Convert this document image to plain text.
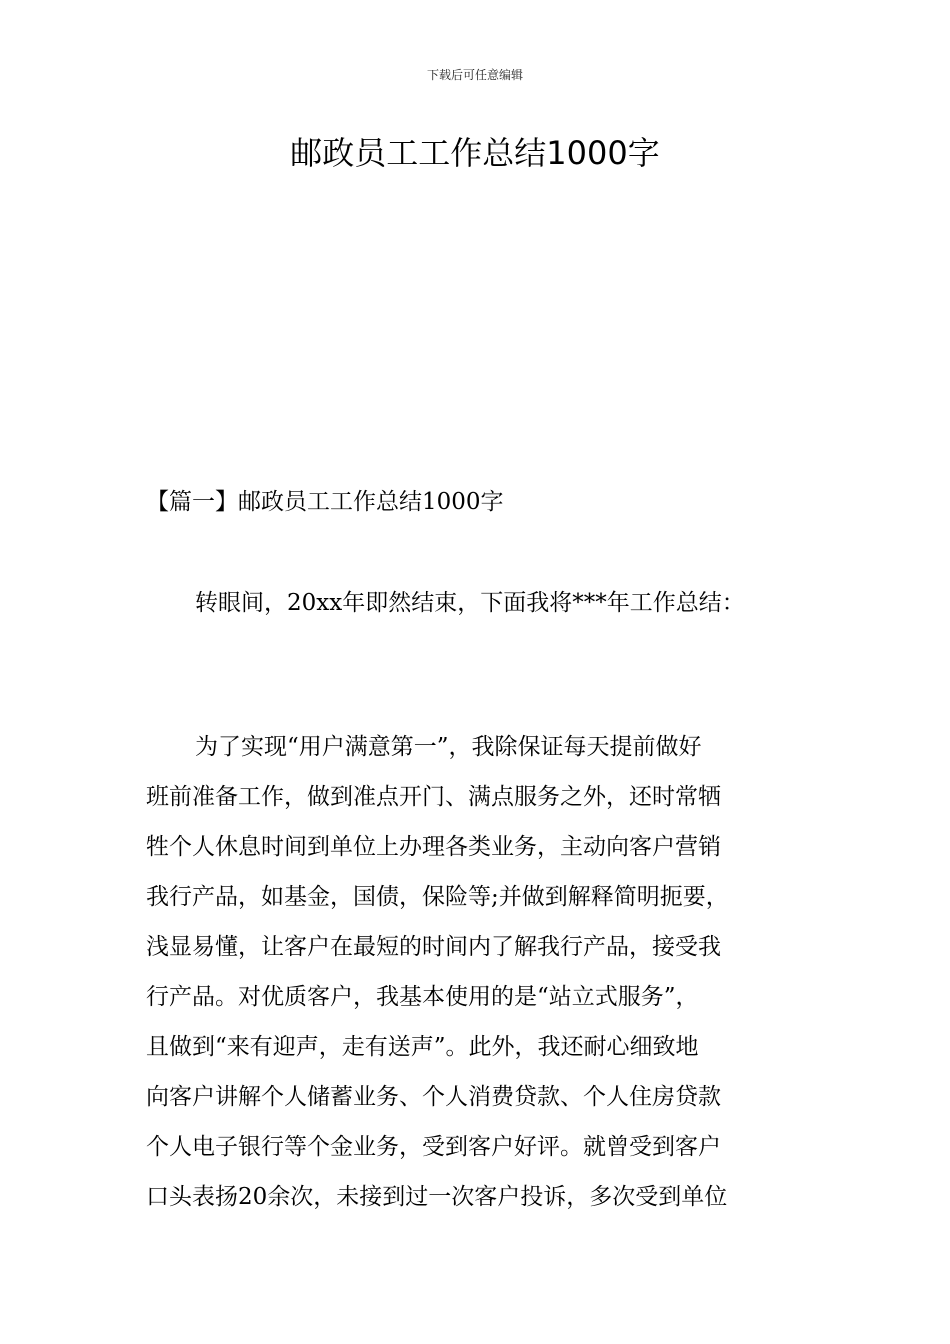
下载后可任意编辑
邮政员工工作总结1000字
【篇一】邮政员工工作总结1000字
转眼间，20xx年即然结束，下面我将***年工作总结：
为了实现“用户满意第一”，我除保证每天提前做好
班前准备工作，做到准点开门、满点服务之外，还时常牺
牲个人休息时间到单位上办理各类业务，主动向客户营销
我行产品，如基金，国债，保险等;并做到解释简明扼要，
浅显易懂，让客户在最短的时间内了解我行产品，接受我
行产品。对优质客户，我基本使用的是“站立式服务”，
且做到“来有迎声，走有送声”。此外，我还耐心细致地
向客户讲解个人储蓄业务、个人消费贷款、个人住房贷款
个人电子银行等个金业务，受到客户好评。就曾受到客户
口头表扬20余次，未接到过一次客户投诉，多次受到单位
